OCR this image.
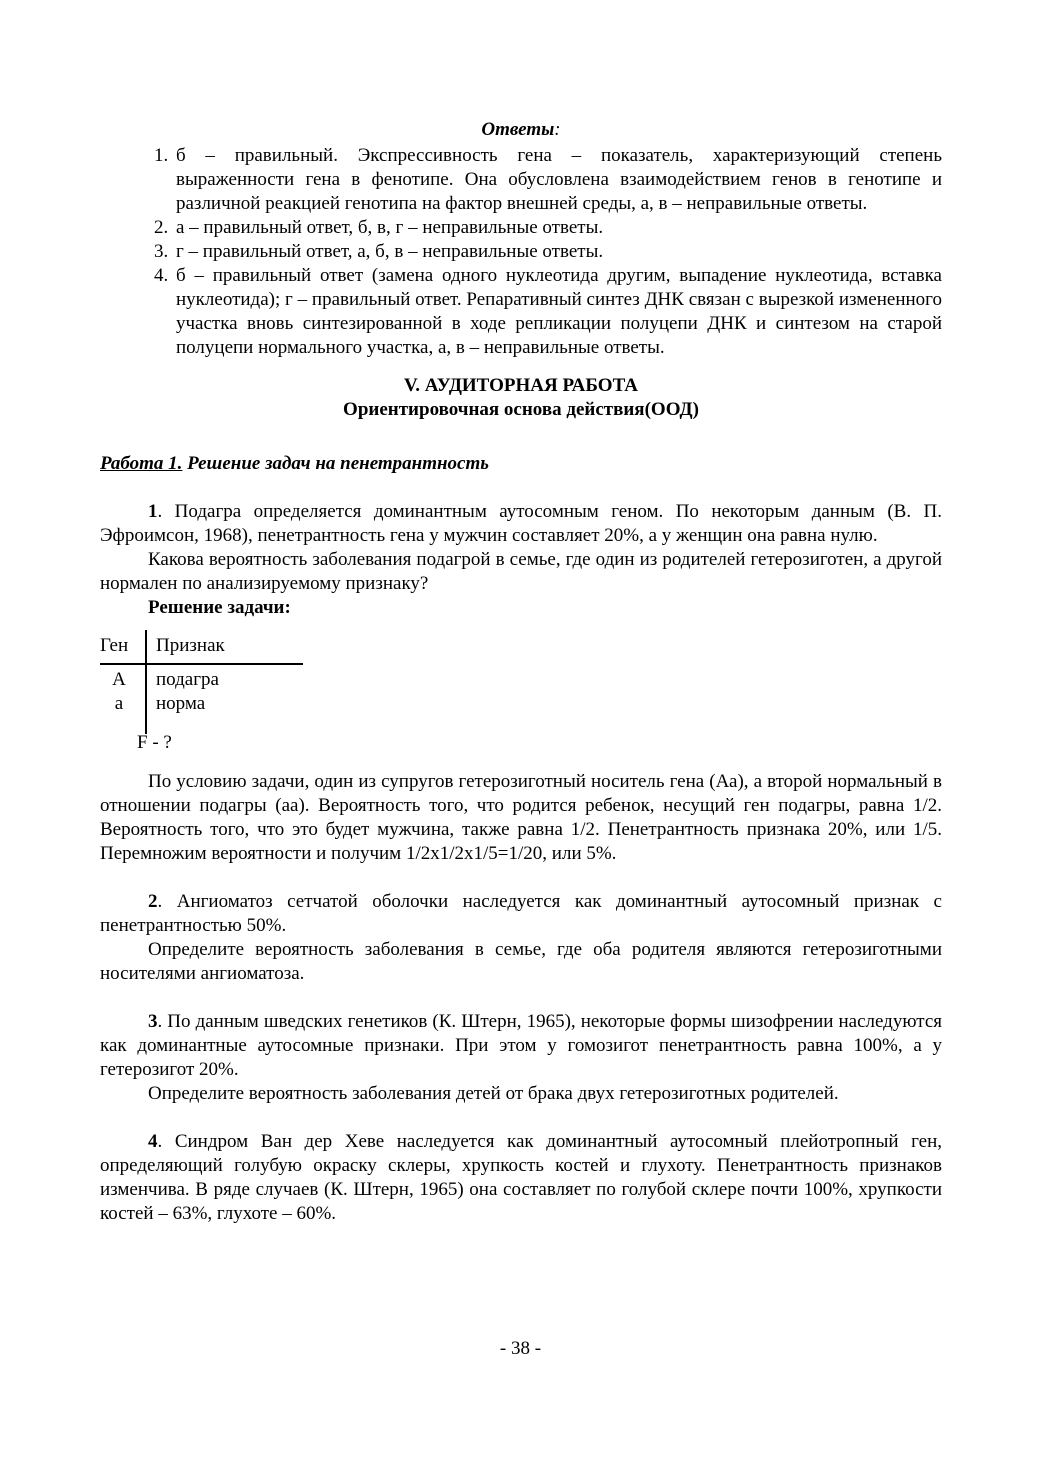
Ответы:

1. б – правильный. Экспрессивность гена – показатель, характеризующий степень выраженности гена в фенотипе. Она обусловлена взаимодействием генов в генотипе и различной реакцией генотипа на фактор внешней среды, а, в – неправильные ответы.
2. а – правильный ответ, б, в, г – неправильные ответы.
3. г – правильный ответ, а, б, в – неправильные ответы.
4. б – правильный ответ (замена одного нуклеотида другим, выпадение нуклеотида, вставка нуклеотида); г – правильный ответ. Репаративный синтез ДНК связан с вырезкой измененного участка вновь синтезированной в ходе репликации полуцепи ДНК и синтезом на старой полуцепи нормального участка, а, в – неправильные ответы.

V. АУДИТОРНАЯ РАБОТА

Ориентировочная основа действия(ООД)

Работа 1. Решение задач на пенетрантность

1. Подагра определяется доминантным аутосомным геном. По некоторым данным (В. П. Эфроимсон, 1968), пенетрантность гена у мужчин составляет 20%, а у женщин она равна нулю.

Какова вероятность заболевания подагрой в семье, где один из родителей гетерозиготен, а другой нормален по анализируемому признаку?

Решение задачи:

Ген Признак
А	подагра
а	норма
F - ?

По условию задачи, один из супругов гетерозиготный носитель гена (Аа), а второй нормальный в отношении подагры (аа). Вероятность того, что родится ребенок, несущий ген подагры, равна 1/2. Вероятность того, что это будет мужчина, также равна 1/2. Пенетрантность признака 20%, или 1/5. Перемножим вероятности и получим 1/2х1/2х1/5=1/20, или 5%.

2. Ангиоматоз сетчатой оболочки наследуется как доминантный аутосомный признак с пенетрантностью 50%.

Определите вероятность заболевания в семье, где оба родителя являются гетерозиготными носителями ангиоматоза.

3. По данным шведских генетиков (К. Штерн, 1965), некоторые формы шизофрении наследуются как доминантные аутосомные признаки. При этом у гомозигот пенетрантность равна 100%, а у гетерозигот 20%.

Определите вероятность заболевания детей от брака двух гетерозиготных родителей.

4. Синдром Ван дер Хеве наследуется как доминантный аутосомный плейотропный ген, определяющий голубую окраску склеры, хрупкость костей и глухоту. Пенетрантность признаков изменчива. В ряде случаев (К. Штерн, 1965) она составляет по голубой склере почти 100%, хрупкости костей – 63%, глухоте – 60%.

- 38 -
